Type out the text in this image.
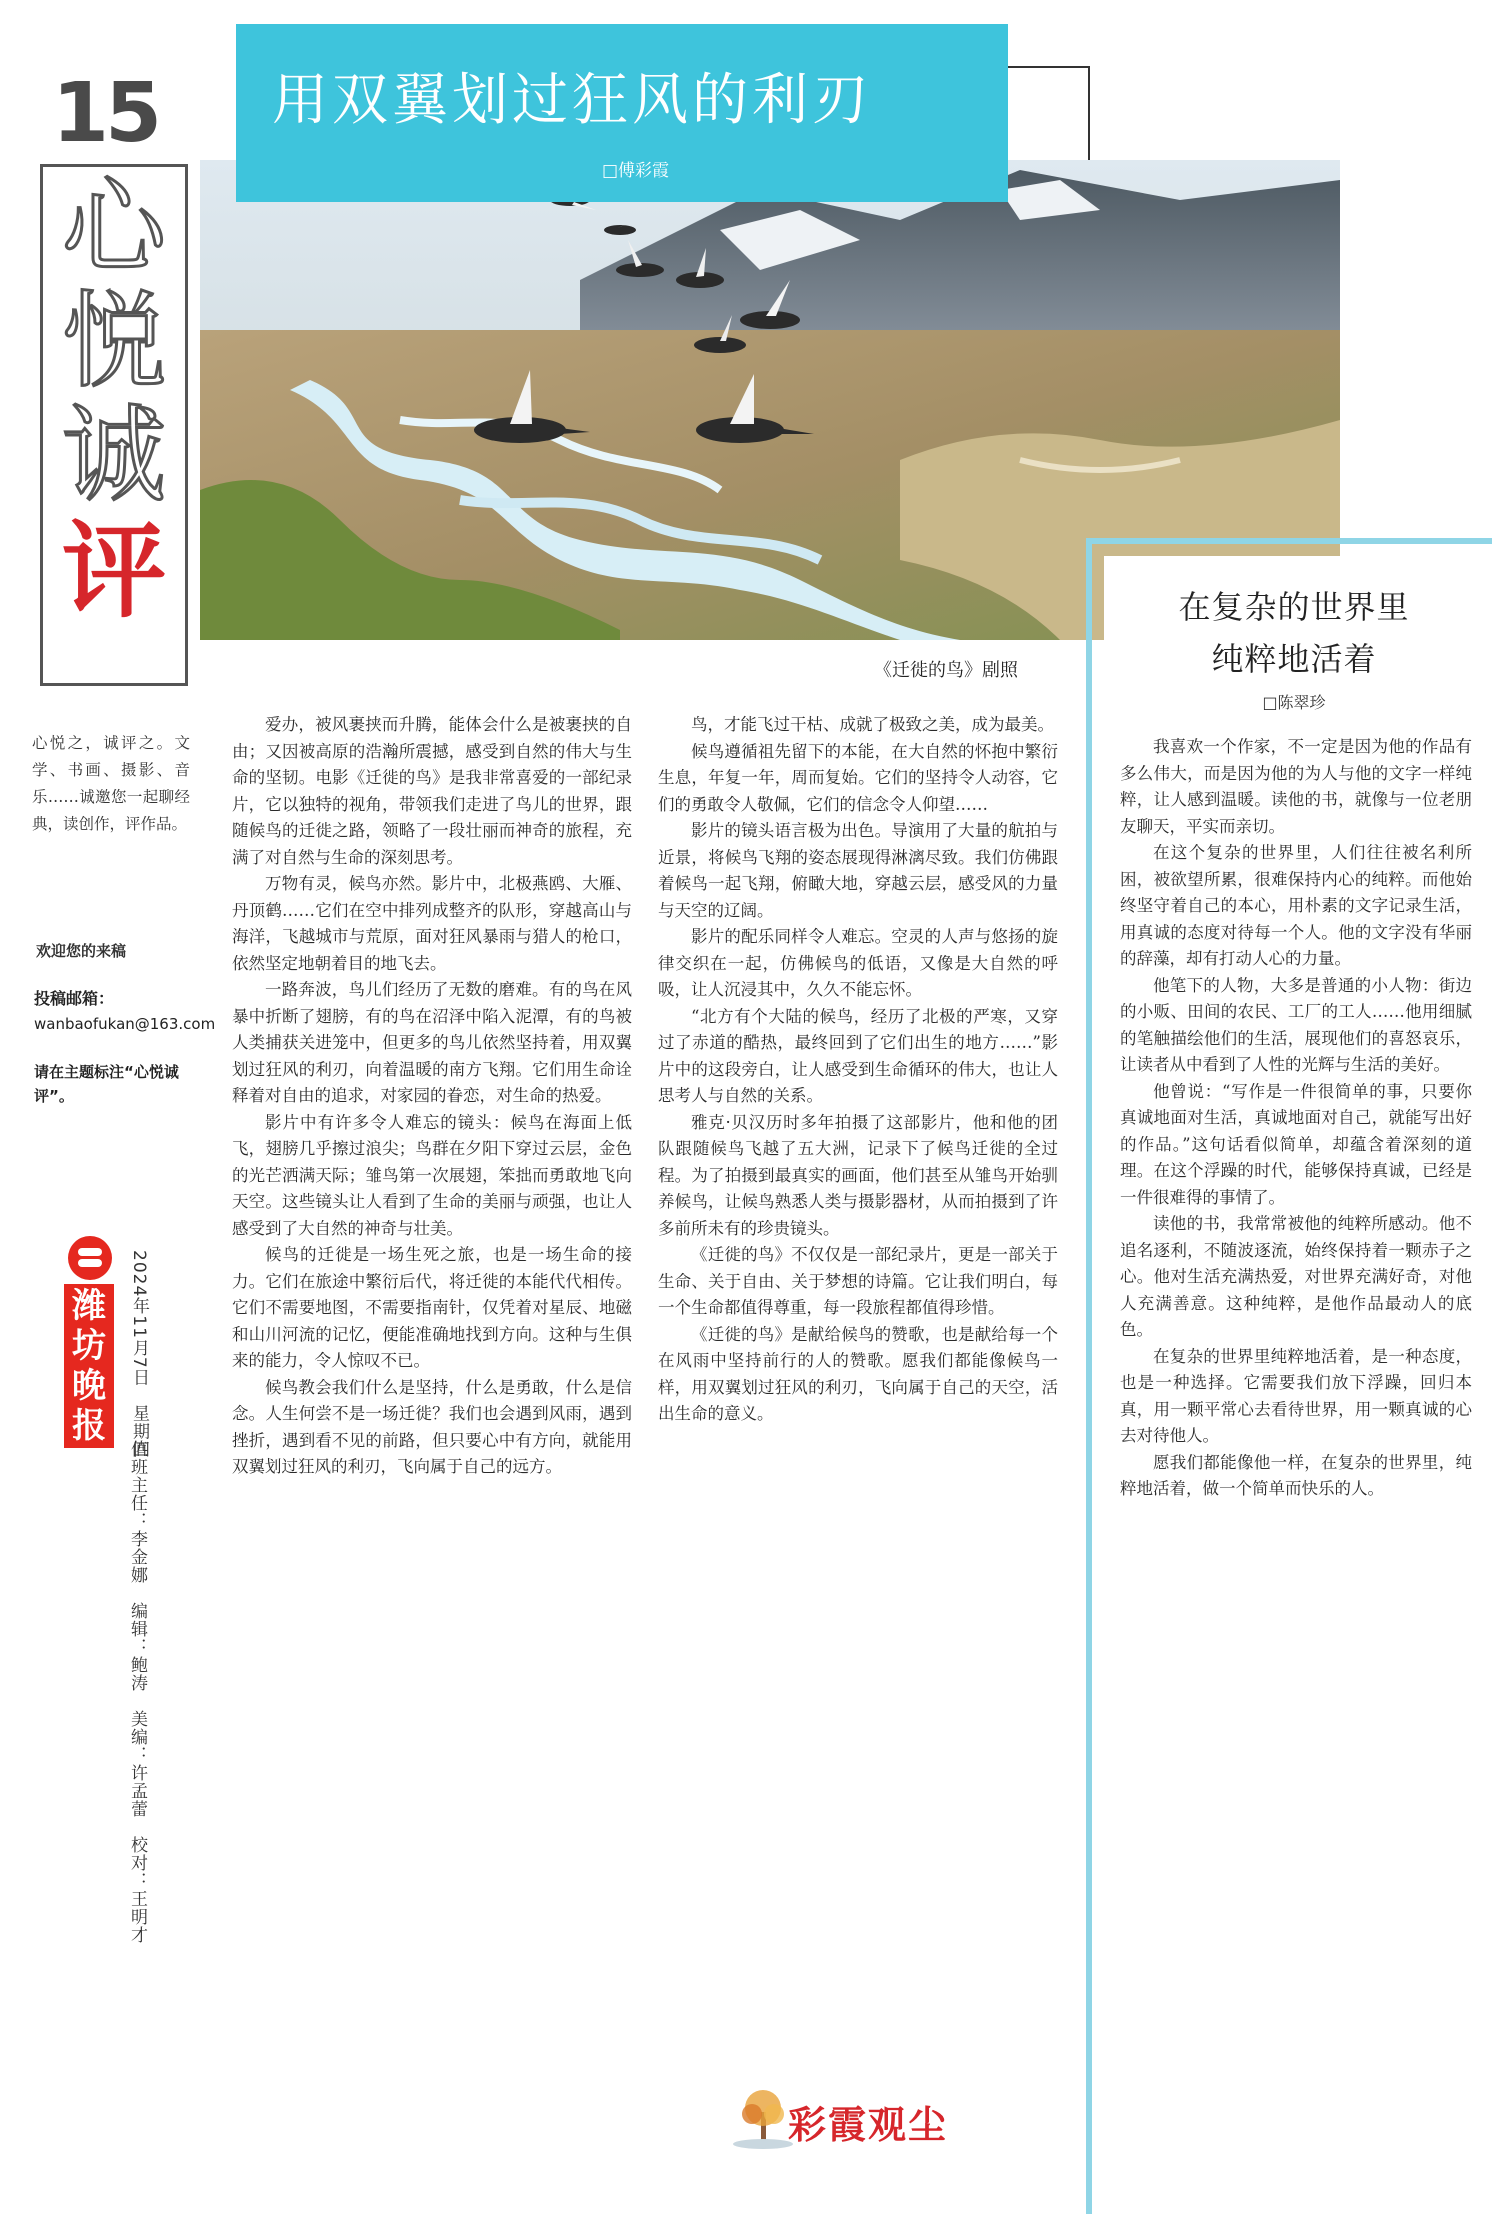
15
心
悦
诚
评
心悦之，诚评之。文学、书画、摄影、音乐……诚邀您一起聊经典，读创作，评作品。
欢迎您的来稿
投稿邮箱：
wanbaofukan@163.com
请在主题标注“心悦诚评”。
潍坊晚报	2024年11月7日　星期四
值班主任：李金娜　编辑：鲍涛　美编：许孟蕾　校对：王明才
用双翼划过狂风的利刃
□傅彩霞
《迁徙的鸟》剧照

爱办，被风裹挟而升腾，能体会什么是被裹挟的自由；又因被高原的浩瀚所震撼，感受到自然的伟大与生命的坚韧。电影《迁徙的鸟》是我非常喜爱的一部纪录片，它以独特的视角，带领我们走进了鸟儿的世界，跟随候鸟的迁徙之路，领略了一段壮丽而神奇的旅程，充满了对自然与生命的深刻思考。

万物有灵，候鸟亦然。影片中，北极燕鸥、大雁、丹顶鹤……它们在空中排列成整齐的队形，穿越高山与海洋，飞越城市与荒原，面对狂风暴雨与猎人的枪口，依然坚定地朝着目的地飞去。

一路奔波，鸟儿们经历了无数的磨难。有的鸟在风暴中折断了翅膀，有的鸟在沼泽中陷入泥潭，有的鸟被人类捕获关进笼中，但更多的鸟儿依然坚持着，用双翼划过狂风的利刃，向着温暖的南方飞翔。它们用生命诠释着对自由的追求，对家园的眷恋，对生命的热爱。

影片中有许多令人难忘的镜头：候鸟在海面上低飞，翅膀几乎擦过浪尖；鸟群在夕阳下穿过云层，金色的光芒洒满天际；雏鸟第一次展翅，笨拙而勇敢地飞向天空。这些镜头让人看到了生命的美丽与顽强，也让人感受到了大自然的神奇与壮美。

候鸟的迁徙是一场生死之旅，也是一场生命的接力。它们在旅途中繁衍后代，将迁徙的本能代代相传。它们不需要地图，不需要指南针，仅凭着对星辰、地磁和山川河流的记忆，便能准确地找到方向。这种与生俱来的能力，令人惊叹不已。

候鸟教会我们什么是坚持，什么是勇敢，什么是信念。人生何尝不是一场迁徙？我们也会遇到风雨，遇到挫折，遇到看不见的前路，但只要心中有方向，就能用双翼划过狂风的利刃，飞向属于自己的远方。

鸟，才能飞过干枯、成就了极致之美，成为最美。

候鸟遵循祖先留下的本能，在大自然的怀抱中繁衍生息，年复一年，周而复始。它们的坚持令人动容，它们的勇敢令人敬佩，它们的信念令人仰望……

影片的镜头语言极为出色。导演用了大量的航拍与近景，将候鸟飞翔的姿态展现得淋漓尽致。我们仿佛跟着候鸟一起飞翔，俯瞰大地，穿越云层，感受风的力量与天空的辽阔。

影片的配乐同样令人难忘。空灵的人声与悠扬的旋律交织在一起，仿佛候鸟的低语，又像是大自然的呼吸，让人沉浸其中，久久不能忘怀。

“北方有个大陆的候鸟，经历了北极的严寒，又穿过了赤道的酷热，最终回到了它们出生的地方……”影片中的这段旁白，让人感受到生命循环的伟大，也让人思考人与自然的关系。

雅克·贝汉历时多年拍摄了这部影片，他和他的团队跟随候鸟飞越了五大洲，记录下了候鸟迁徙的全过程。为了拍摄到最真实的画面，他们甚至从雏鸟开始驯养候鸟，让候鸟熟悉人类与摄影器材，从而拍摄到了许多前所未有的珍贵镜头。

《迁徙的鸟》不仅仅是一部纪录片，更是一部关于生命、关于自由、关于梦想的诗篇。它让我们明白，每一个生命都值得尊重，每一段旅程都值得珍惜。

《迁徙的鸟》是献给候鸟的赞歌，也是献给每一个在风雨中坚持前行的人的赞歌。愿我们都能像候鸟一样，用双翼划过狂风的利刃，飞向属于自己的天空，活出生命的意义。

彩霞观尘
在复杂的世界里
纯粹地活着
□陈翠珍

我喜欢一个作家，不一定是因为他的作品有多么伟大，而是因为他的为人与他的文字一样纯粹，让人感到温暖。读他的书，就像与一位老朋友聊天，平实而亲切。

在这个复杂的世界里，人们往往被名利所困，被欲望所累，很难保持内心的纯粹。而他始终坚守着自己的本心，用朴素的文字记录生活，用真诚的态度对待每一个人。他的文字没有华丽的辞藻，却有打动人心的力量。

他笔下的人物，大多是普通的小人物：街边的小贩、田间的农民、工厂的工人……他用细腻的笔触描绘他们的生活，展现他们的喜怒哀乐，让读者从中看到了人性的光辉与生活的美好。

他曾说：“写作是一件很简单的事，只要你真诚地面对生活，真诚地面对自己，就能写出好的作品。”这句话看似简单，却蕴含着深刻的道理。在这个浮躁的时代，能够保持真诚，已经是一件很难得的事情了。

读他的书，我常常被他的纯粹所感动。他不追名逐利，不随波逐流，始终保持着一颗赤子之心。他对生活充满热爱，对世界充满好奇，对他人充满善意。这种纯粹，是他作品最动人的底色。

在复杂的世界里纯粹地活着，是一种态度，也是一种选择。它需要我们放下浮躁，回归本真，用一颗平常心去看待世界，用一颗真诚的心去对待他人。

愿我们都能像他一样，在复杂的世界里，纯粹地活着，做一个简单而快乐的人。
